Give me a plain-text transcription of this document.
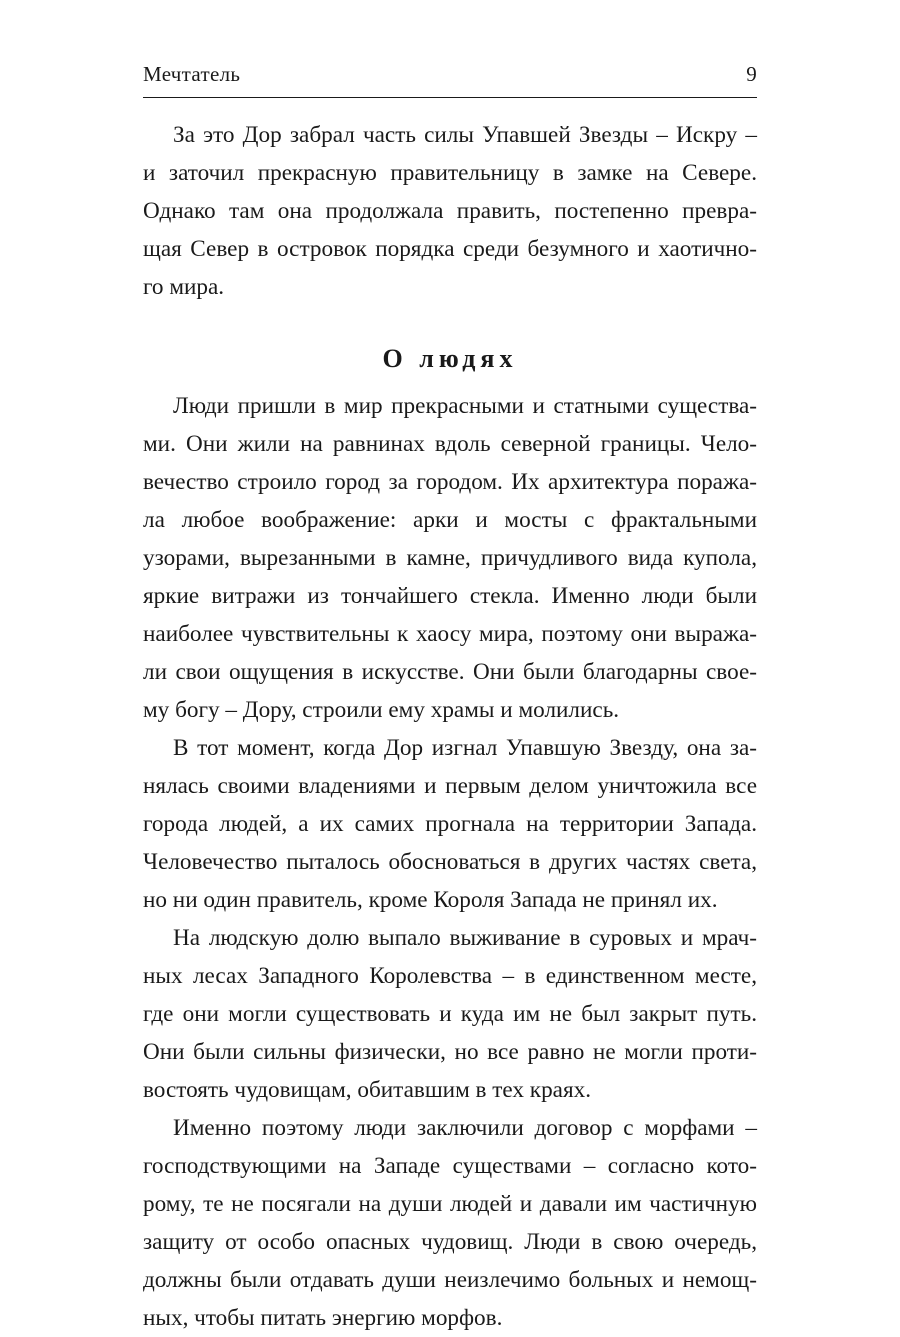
Мечтатель	9
За это Дор забрал часть силы Упавшей Звезды – Искру –
и заточил прекрасную правительницу в замке на Севере.
Однако там она продолжала править, постепенно превра-
щая Север в островок порядка среди безумного и хаотично-
го мира.
О людях
Люди пришли в мир прекрасными и статными существа-
ми. Они жили на равнинах вдоль северной границы. Чело-
вечество строило город за городом. Их архитектура поража-
ла любое воображение: арки и мосты с фрактальными
узорами, вырезанными в камне, причудливого вида купола,
яркие витражи из тончайшего стекла. Именно люди были
наиболее чувствительны к хаосу мира, поэтому они выража-
ли свои ощущения в искусстве. Они были благодарны свое-
му богу – Дору, строили ему храмы и молились.
В тот момент, когда Дор изгнал Упавшую Звезду, она за-
нялась своими владениями и первым делом уничтожила все
города людей, а их самих прогнала на территории Запада.
Человечество пыталось обосноваться в других частях света,
но ни один правитель, кроме Короля Запада не принял их.
На людскую долю выпало выживание в суровых и мрач-
ных лесах Западного Королевства – в единственном месте,
где они могли существовать и куда им не был закрыт путь.
Они были сильны физически, но все равно не могли проти-
востоять чудовищам, обитавшим в тех краях.
Именно поэтому люди заключили договор с морфами –
господствующими на Западе существами – согласно кото-
рому, те не посягали на души людей и давали им частичную
защиту от особо опасных чудовищ. Люди в свою очередь,
должны были отдавать души неизлечимо больных и немощ-
ных, чтобы питать энергию морфов.
